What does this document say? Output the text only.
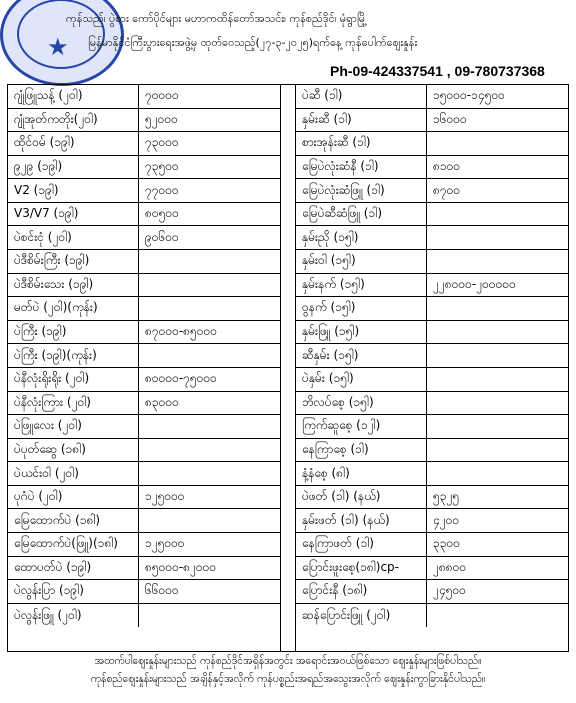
★
ကုန်သည်၊ ပွဲစား ကော်ပိုင်များ မဟာကထိန်တော်အသင်း၊ ကုန်စည်ဒိုင်၊ မုံရွာမြို့
မြန်မာနိုင်ငံကြီးပွားရေးအဖွဲ့မှ ထုတ်ဝေသည့်(၂၇-၃-၂၀၂၅)ရက်နေ့ ကုန်ပေါက်ဈေးနှုန်း
Ph-09-424337541 , 09-780737368
ဂျုံဖြူသန့် (၂၀ါ)	၇၀၀၀၀
ဂျုံအုတ်ကတိုး(၂၀ါ)	၅၂၀၀၀
ထိုင်ဝမ် (၁၉ါ)	၇၃၀၀၀
၉၂၉ (၁၉ါ)	၇၃၅၀၀
V2 (၁၉ါ)	၇၇၀၀၀
V3/V7 (၁၉ါ)	၈၀၅၀၀
ပဲစင်းငုံ (၂၀ါ)	၉၀၆၀၀
ပဲဒီစိမ်းကြီး (၁၉ါ)
ပဲဒီစိမ်းသေး (၁၉ါ)
မတ်ပဲ (၂၀ါ)(ကုန်း)
ပဲကြီး (၁၉ါ)	၈၇၀၀၀-၈၅၀၀၀
ပဲကြီး (၁၉ါ)(ကုန်း)
ပဲနီလုံးရိုးရိုး (၂၀ါ)	၈၀၀၀၀-၇၅၀၀၀
ပဲနီလုံးကြား (၂၀ါ)	၈၃၀၀၀
ပဲဖြူလေး (၂၀ါ)
ပဲပုတ်ဆွေ (၁၈ါ)
ပဲယင်းဝါ (၂၀ါ)
ပုဂံပဲ (၂၀ါ)	၁၂၅၀၀၀
မြေထောက်ပဲ (၁၈ါ)
မြေထောက်ပဲ(ဖြူ)(၁၈ါ)	၁၂၅၀၀၀
ထောပတ်ပဲ (၁၉ါ)	၈၅၀၀၀-၈၂၀၀၀
ပဲလွန်းပြာ (၁၉ါ)	၆၆၀၀၀
ပဲလွန်းဖြူ (၂၀ါ)
ပဲဆီ (၁ါ)	၁၅၀၀၀-၁၄၅၀၀
နှမ်းဆီ (၁ါ)	၁၆၀၀၀
စားအုန်းဆီ (၁ါ)
မြေပဲလုံးဆံနီ (၁ါ)	၈၁၀၀
မြေပဲလုံးဆံဖြူ (၁ါ)	၈၇၀၀
မြေပဲဆီဆံဖြူ (၁ါ)
နှမ်းညို (၁၅ါ)
နှမ်းဝါ (၁၅ါ)
နှမ်းနက် (၁၅ါ)	၂၂၈၀၀၀-၂၀၀၀၀၀
ဝွနက် (၁၅ါ)
နှမ်းဖြူ (၁၅ါ)
ဆီနှမ်း (၁၅ါ)
ပဲနှမ်း (၁၅ါ)
ဘိလပ်စေ့ (၁၅ါ)
ကြက်ဆူစေ့ (၁၂ါ)
နေကြာစေ့ (၁ါ)
နံ့နံစေ့ (၈ါ)
ပဲဖတ် (၁ါ) (နယ်)	၅၃၂၅
နှမ်းဖတ် (၁ါ) (နယ်)	၄၂၀၀
နေကြာဖတ် (၁ါ)	၃၃၀၀
ပြောင်းဖူးစေ့(၁၈ါ)cp-	၂၈၈၀၀
ပြောင်းနီ (၁၈ါ)	၂၄၅၀၀
ဆန်ပြောင်းဖြူ (၂၀ါ)
အထက်ပါဈေးနှုန်းများသည် ကုန်စည်ဒိုင်အရှိန်အတွင်း အရောင်းအဝယ်ဖြစ်သော ဈေးနှုန်းများဖြစ်ပါသည်။
ကုန်စည်ဈေးနှုန်းများသည် အချိန်နှင့်အလိုက် ကုန်ပစ္စည်းအရည်အသွေးအလိုက် ဈေးနှုန်းကွာခြားနိုင်ပါသည်။
